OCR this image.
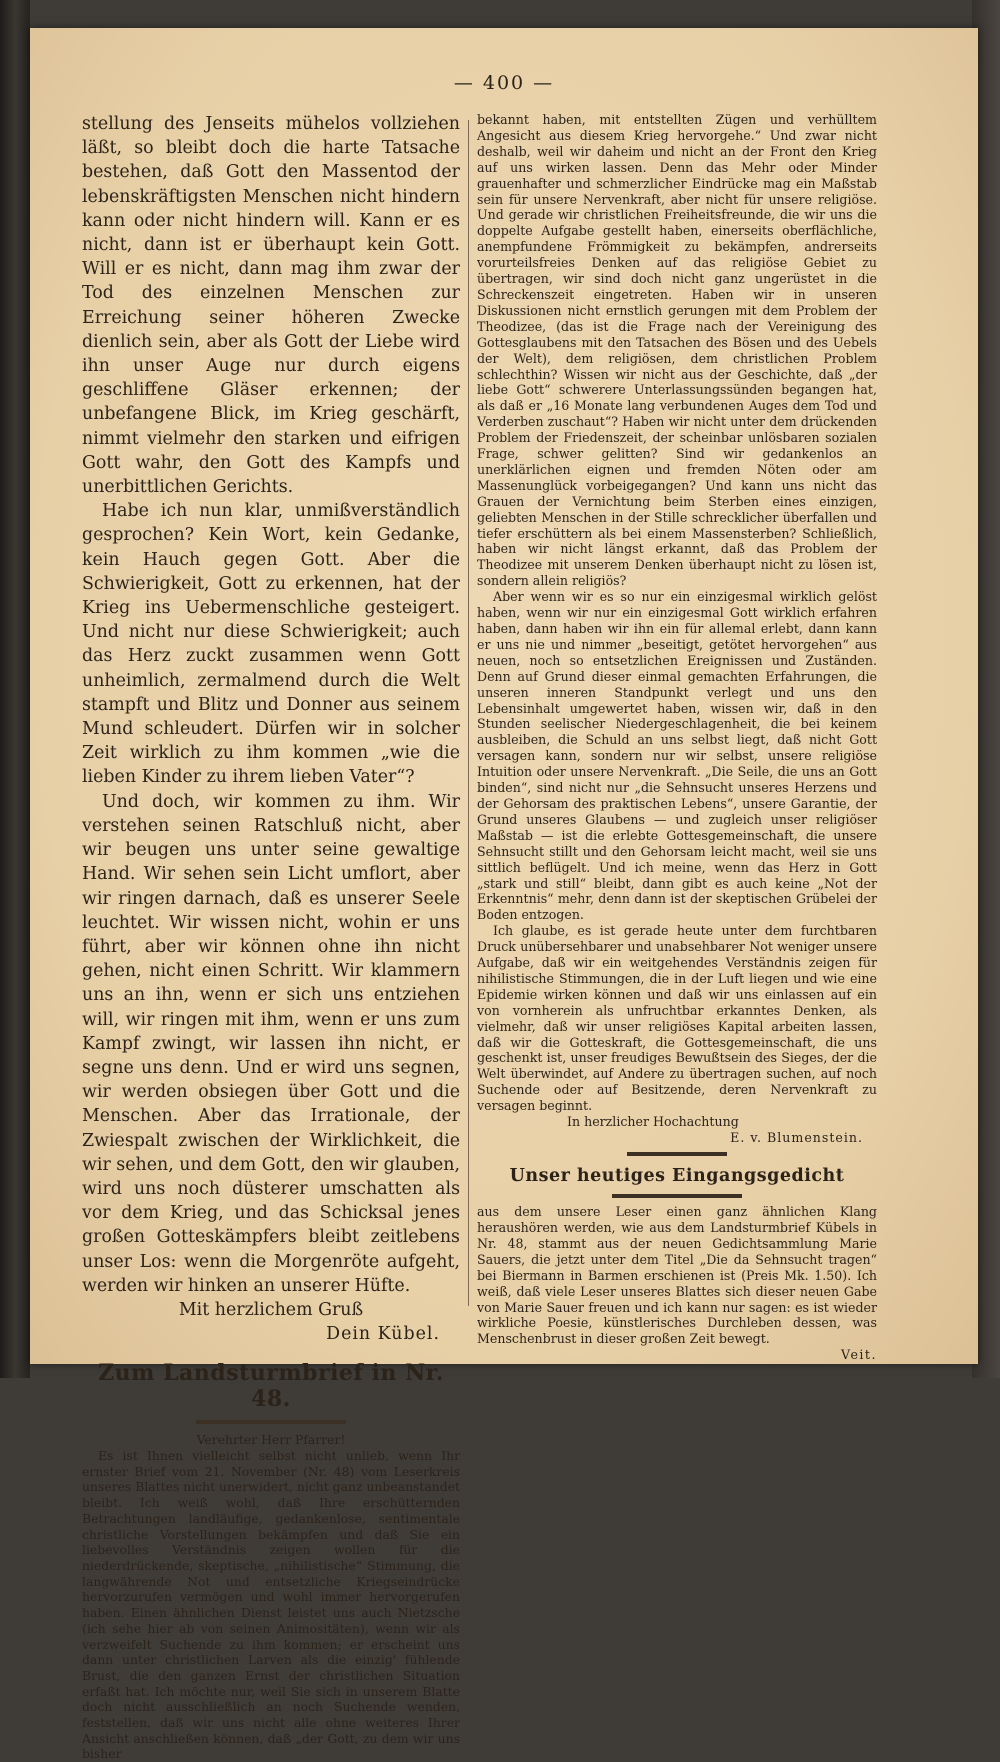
— 400 —

stellung des Jenseits mühelos vollziehen läßt, so bleibt doch die harte Tatsache bestehen, daß Gott den Massentod der lebenskräftigsten Menschen nicht hindern kann oder nicht hindern will. Kann er es nicht, dann ist er überhaupt kein Gott. Will er es nicht, dann mag ihm zwar der Tod des einzelnen Menschen zur Erreichung seiner höheren Zwecke dienlich sein, aber als Gott der Liebe wird ihn unser Auge nur durch eigens geschliffene Gläser erkennen; der unbefangene Blick, im Krieg geschärft, nimmt vielmehr den starken und eifrigen Gott wahr, den Gott des Kampfs und unerbittlichen Gerichts.

Habe ich nun klar, unmißverständlich gesprochen? Kein Wort, kein Gedanke, kein Hauch gegen Gott. Aber die Schwierigkeit, Gott zu erkennen, hat der Krieg ins Uebermenschliche gesteigert. Und nicht nur diese Schwierigkeit; auch das Herz zuckt zusammen wenn Gott unheimlich, zermalmend durch die Welt stampft und Blitz und Donner aus seinem Mund schleudert. Dürfen wir in solcher Zeit wirklich zu ihm kommen „wie die lieben Kinder zu ihrem lieben Vater“?

Und doch, wir kommen zu ihm. Wir verstehen seinen Ratschluß nicht, aber wir beugen uns unter seine gewaltige Hand. Wir sehen sein Licht umflort, aber wir ringen darnach, daß es unserer Seele leuchtet. Wir wissen nicht, wohin er uns führt, aber wir können ohne ihn nicht gehen, nicht einen Schritt. Wir klammern uns an ihn, wenn er sich uns entziehen will, wir ringen mit ihm, wenn er uns zum Kampf zwingt, wir lassen ihn nicht, er segne uns denn. Und er wird uns segnen, wir werden obsiegen über Gott und die Menschen. Aber das Irrationale, der Zwiespalt zwischen der Wirklichkeit, die wir sehen, und dem Gott, den wir glauben, wird uns noch düsterer umschatten als vor dem Krieg, und das Schicksal jenes großen Gotteskämpfers bleibt zeitlebens unser Los: wenn die Morgenröte aufgeht, werden wir hinken an unserer Hüfte.

Mit herzlichem Gruß

Dein Kübel.

Zum Landsturmbrief in Nr. 48.

Verehrter Herr Pfarrer!

Es ist Ihnen vielleicht selbst nicht unlieb, wenn Ihr ernster Brief vom 21. November (Nr. 48) vom Leserkreis unseres Blattes nicht unerwidert, nicht ganz unbeanstandet bleibt. Ich weiß wohl, daß Ihre erschütternden Betrachtungen landläufige, gedankenlose, sentimentale christliche Vorstellungen bekämpfen und daß Sie ein liebevolles Verständnis zeigen wollen für die niederdrückende, skeptische, „nihilistische“ Stimmung, die langwährende Not und entsetzliche Kriegseindrücke hervorzurufen vermögen und wohl immer hervorgerufen haben. Einen ähnlichen Dienst leistet uns auch Nietzsche (ich sehe hier ab von seinen Animositäten), wenn wir als verzweifelt Suchende zu ihm kommen; er erscheint uns dann unter christlichen Larven als die einzig' fühlende Brust, die den ganzen Ernst der christlichen Situation erfaßt hat. Ich möchte nur, weil Sie sich in unserem Blatte doch nicht ausschließlich an noch Suchende wenden, feststellen, daß wir uns nicht alle ohne weiteres Ihrer Ansicht anschließen können, daß „der Gott, zu dem wir uns bisher

bekannt haben, mit entstellten Zügen und verhülltem Angesicht aus diesem Krieg hervorgehe.“ Und zwar nicht deshalb, weil wir daheim und nicht an der Front den Krieg auf uns wirken lassen. Denn das Mehr oder Minder grauenhafter und schmerzlicher Eindrücke mag ein Maßstab sein für unsere Nervenkraft, aber nicht für unsere religiöse. Und gerade wir christlichen Freiheitsfreunde, die wir uns die doppelte Aufgabe gestellt haben, einerseits oberflächliche, anempfundene Frömmigkeit zu bekämpfen, andrerseits vorurteilsfreies Denken auf das religiöse Gebiet zu übertragen, wir sind doch nicht ganz ungerüstet in die Schreckenszeit eingetreten. Haben wir in unseren Diskussionen nicht ernstlich gerungen mit dem Problem der Theodizee, (das ist die Frage nach der Vereinigung des Gottesglaubens mit den Tatsachen des Bösen und des Uebels der Welt), dem religiösen, dem christlichen Problem schlechthin? Wissen wir nicht aus der Geschichte, daß „der liebe Gott“ schwerere Unterlassungssünden begangen hat, als daß er „16 Monate lang verbundenen Auges dem Tod und Verderben zuschaut“? Haben wir nicht unter dem drückenden Problem der Friedenszeit, der scheinbar unlösbaren sozialen Frage, schwer gelitten? Sind wir gedankenlos an unerklärlichen eignen und fremden Nöten oder am Massenunglück vorbeigegangen? Und kann uns nicht das Grauen der Vernichtung beim Sterben eines einzigen, geliebten Menschen in der Stille schrecklicher überfallen und tiefer erschüttern als bei einem Massensterben? Schließlich, haben wir nicht längst erkannt, daß das Problem der Theodizee mit unserem Denken überhaupt nicht zu lösen ist, sondern allein religiös?

Aber wenn wir es so nur ein einzigesmal wirklich gelöst haben, wenn wir nur ein einzigesmal Gott wirklich erfahren haben, dann haben wir ihn ein für allemal erlebt, dann kann er uns nie und nimmer „beseitigt, getötet hervorgehen“ aus neuen, noch so entsetzlichen Ereignissen und Zuständen. Denn auf Grund dieser einmal gemachten Erfahrungen, die unseren inneren Standpunkt verlegt und uns den Lebensinhalt umgewertet haben, wissen wir, daß in den Stunden seelischer Niedergeschlagenheit, die bei keinem ausbleiben, die Schuld an uns selbst liegt, daß nicht Gott versagen kann, sondern nur wir selbst, unsere religiöse Intuition oder unsere Nervenkraft. „Die Seile, die uns an Gott binden“, sind nicht nur „die Sehnsucht unseres Herzens und der Gehorsam des praktischen Lebens“, unsere Garantie, der Grund unseres Glaubens — und zugleich unser religiöser Maßstab — ist die erlebte Gottesgemeinschaft, die unsere Sehnsucht stillt und den Gehorsam leicht macht, weil sie uns sittlich beflügelt. Und ich meine, wenn das Herz in Gott „stark und still“ bleibt, dann gibt es auch keine „Not der Erkenntnis“ mehr, denn dann ist der skeptischen Grübelei der Boden entzogen.

Ich glaube, es ist gerade heute unter dem furchtbaren Druck unübersehbarer und unabsehbarer Not weniger unsere Aufgabe, daß wir ein weitgehendes Verständnis zeigen für nihilistische Stimmungen, die in der Luft liegen und wie eine Epidemie wirken können und daß wir uns einlassen auf ein von vornherein als unfruchtbar erkanntes Denken, als vielmehr, daß wir unser religiöses Kapital arbeiten lassen, daß wir die Gotteskraft, die Gottesgemeinschaft, die uns geschenkt ist, unser freudiges Bewußtsein des Sieges, der die Welt überwindet, auf Andere zu übertragen suchen, auf noch Suchende oder auf Besitzende, deren Nervenkraft zu versagen beginnt.

In herzlicher Hochachtung

E. v. Blumenstein.

Unser heutiges Eingangsgedicht

aus dem unsere Leser einen ganz ähnlichen Klang heraushören werden, wie aus dem Landsturmbrief Kübels in Nr. 48, stammt aus der neuen Gedichtsammlung Marie Sauers, die jetzt unter dem Titel „Die da Sehnsucht tragen“ bei Biermann in Barmen erschienen ist (Preis Mk. 1.50). Ich weiß, daß viele Leser unseres Blattes sich dieser neuen Gabe von Marie Sauer freuen und ich kann nur sagen: es ist wieder wirkliche Poesie, künstlerisches Durchleben dessen, was Menschenbrust in dieser großen Zeit bewegt.

Veit.
